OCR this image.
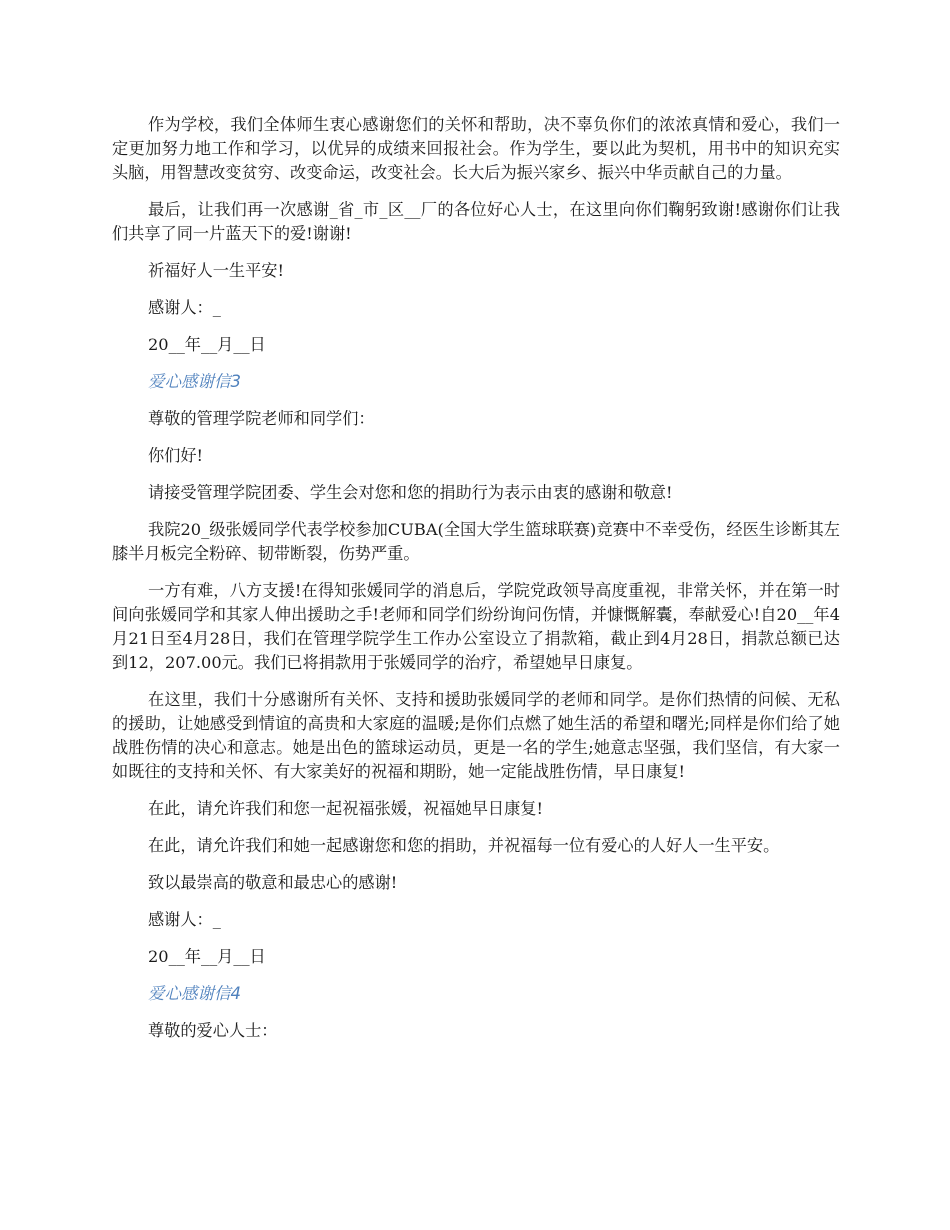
作为学校，我们全体师生衷心感谢您们的关怀和帮助，决不辜负你们的浓浓真情和爱心，我们一定更加努力地工作和学习，以优异的成绩来回报社会。作为学生，要以此为契机，用书中的知识充实头脑，用智慧改变贫穷、改变命运，改变社会。长大后为振兴家乡、振兴中华贡献自己的力量。

最后，让我们再一次感谢_省_市_区__厂的各位好心人士，在这里向你们鞠躬致谢!感谢你们让我们共享了同一片蓝天下的爱!谢谢!

祈福好人一生平安!

感谢人：_

20__年__月__日

爱心感谢信3

尊敬的管理学院老师和同学们：

你们好!

请接受管理学院团委、学生会对您和您的捐助行为表示由衷的感谢和敬意!

我院20_级张媛同学代表学校参加CUBA(全国大学生篮球联赛)竞赛中不幸受伤，经医生诊断其左膝半月板完全粉碎、韧带断裂，伤势严重。

一方有难，八方支援!在得知张媛同学的消息后，学院党政领导高度重视，非常关怀，并在第一时间向张媛同学和其家人伸出援助之手!老师和同学们纷纷询问伤情，并慷慨解囊，奉献爱心!自20__年4月21日至4月28日，我们在管理学院学生工作办公室设立了捐款箱，截止到4月28日，捐款总额已达到12，207.00元。我们已将捐款用于张媛同学的治疗，希望她早日康复。

在这里，我们十分感谢所有关怀、支持和援助张媛同学的老师和同学。是你们热情的问候、无私的援助，让她感受到情谊的高贵和大家庭的温暖;是你们点燃了她生活的希望和曙光;同样是你们给了她战胜伤情的决心和意志。她是出色的篮球运动员，更是一名的学生;她意志坚强，我们坚信，有大家一如既往的支持和关怀、有大家美好的祝福和期盼，她一定能战胜伤情，早日康复!

在此，请允许我们和您一起祝福张媛，祝福她早日康复!

在此，请允许我们和她一起感谢您和您的捐助，并祝福每一位有爱心的人好人一生平安。

致以最崇高的敬意和最忠心的感谢!

感谢人：_

20__年__月__日

爱心感谢信4

尊敬的爱心人士：
